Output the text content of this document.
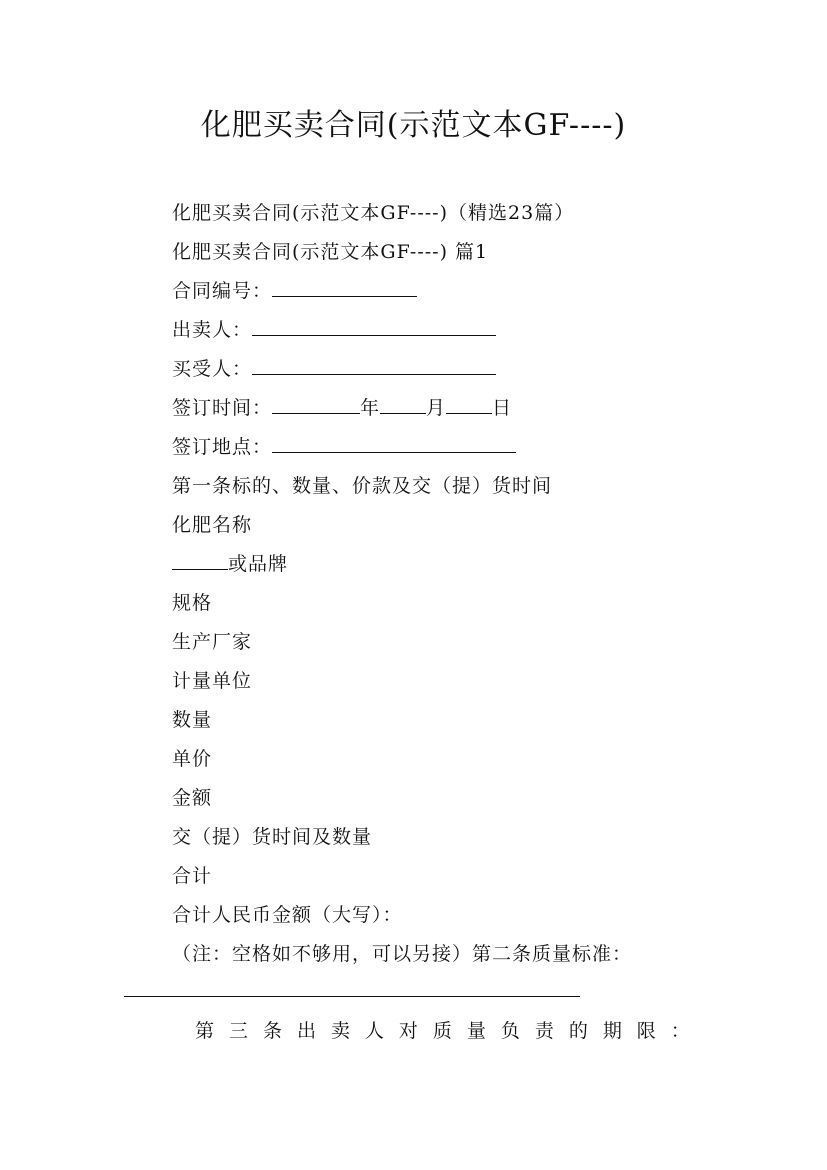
化肥买卖合同(示范文本GF----)
化肥买卖合同(示范文本GF----)（精选23篇）
化肥买卖合同(示范文本GF----) 篇1
合同编号：
出卖人：
买受人：
签订时间：	年 月 日
签订地点：
第一条标的、数量、价款及交（提）货时间
化肥名称
或品牌
规格
生产厂家
计量单位
数量
单价
金额
交（提）货时间及数量
合计
合计人民币金额（大写）：
（注：空格如不够用，可以另接）第二条质量标准：
第 三 条 出 卖 人 对 质 量 负 责 的 期 限 ：
